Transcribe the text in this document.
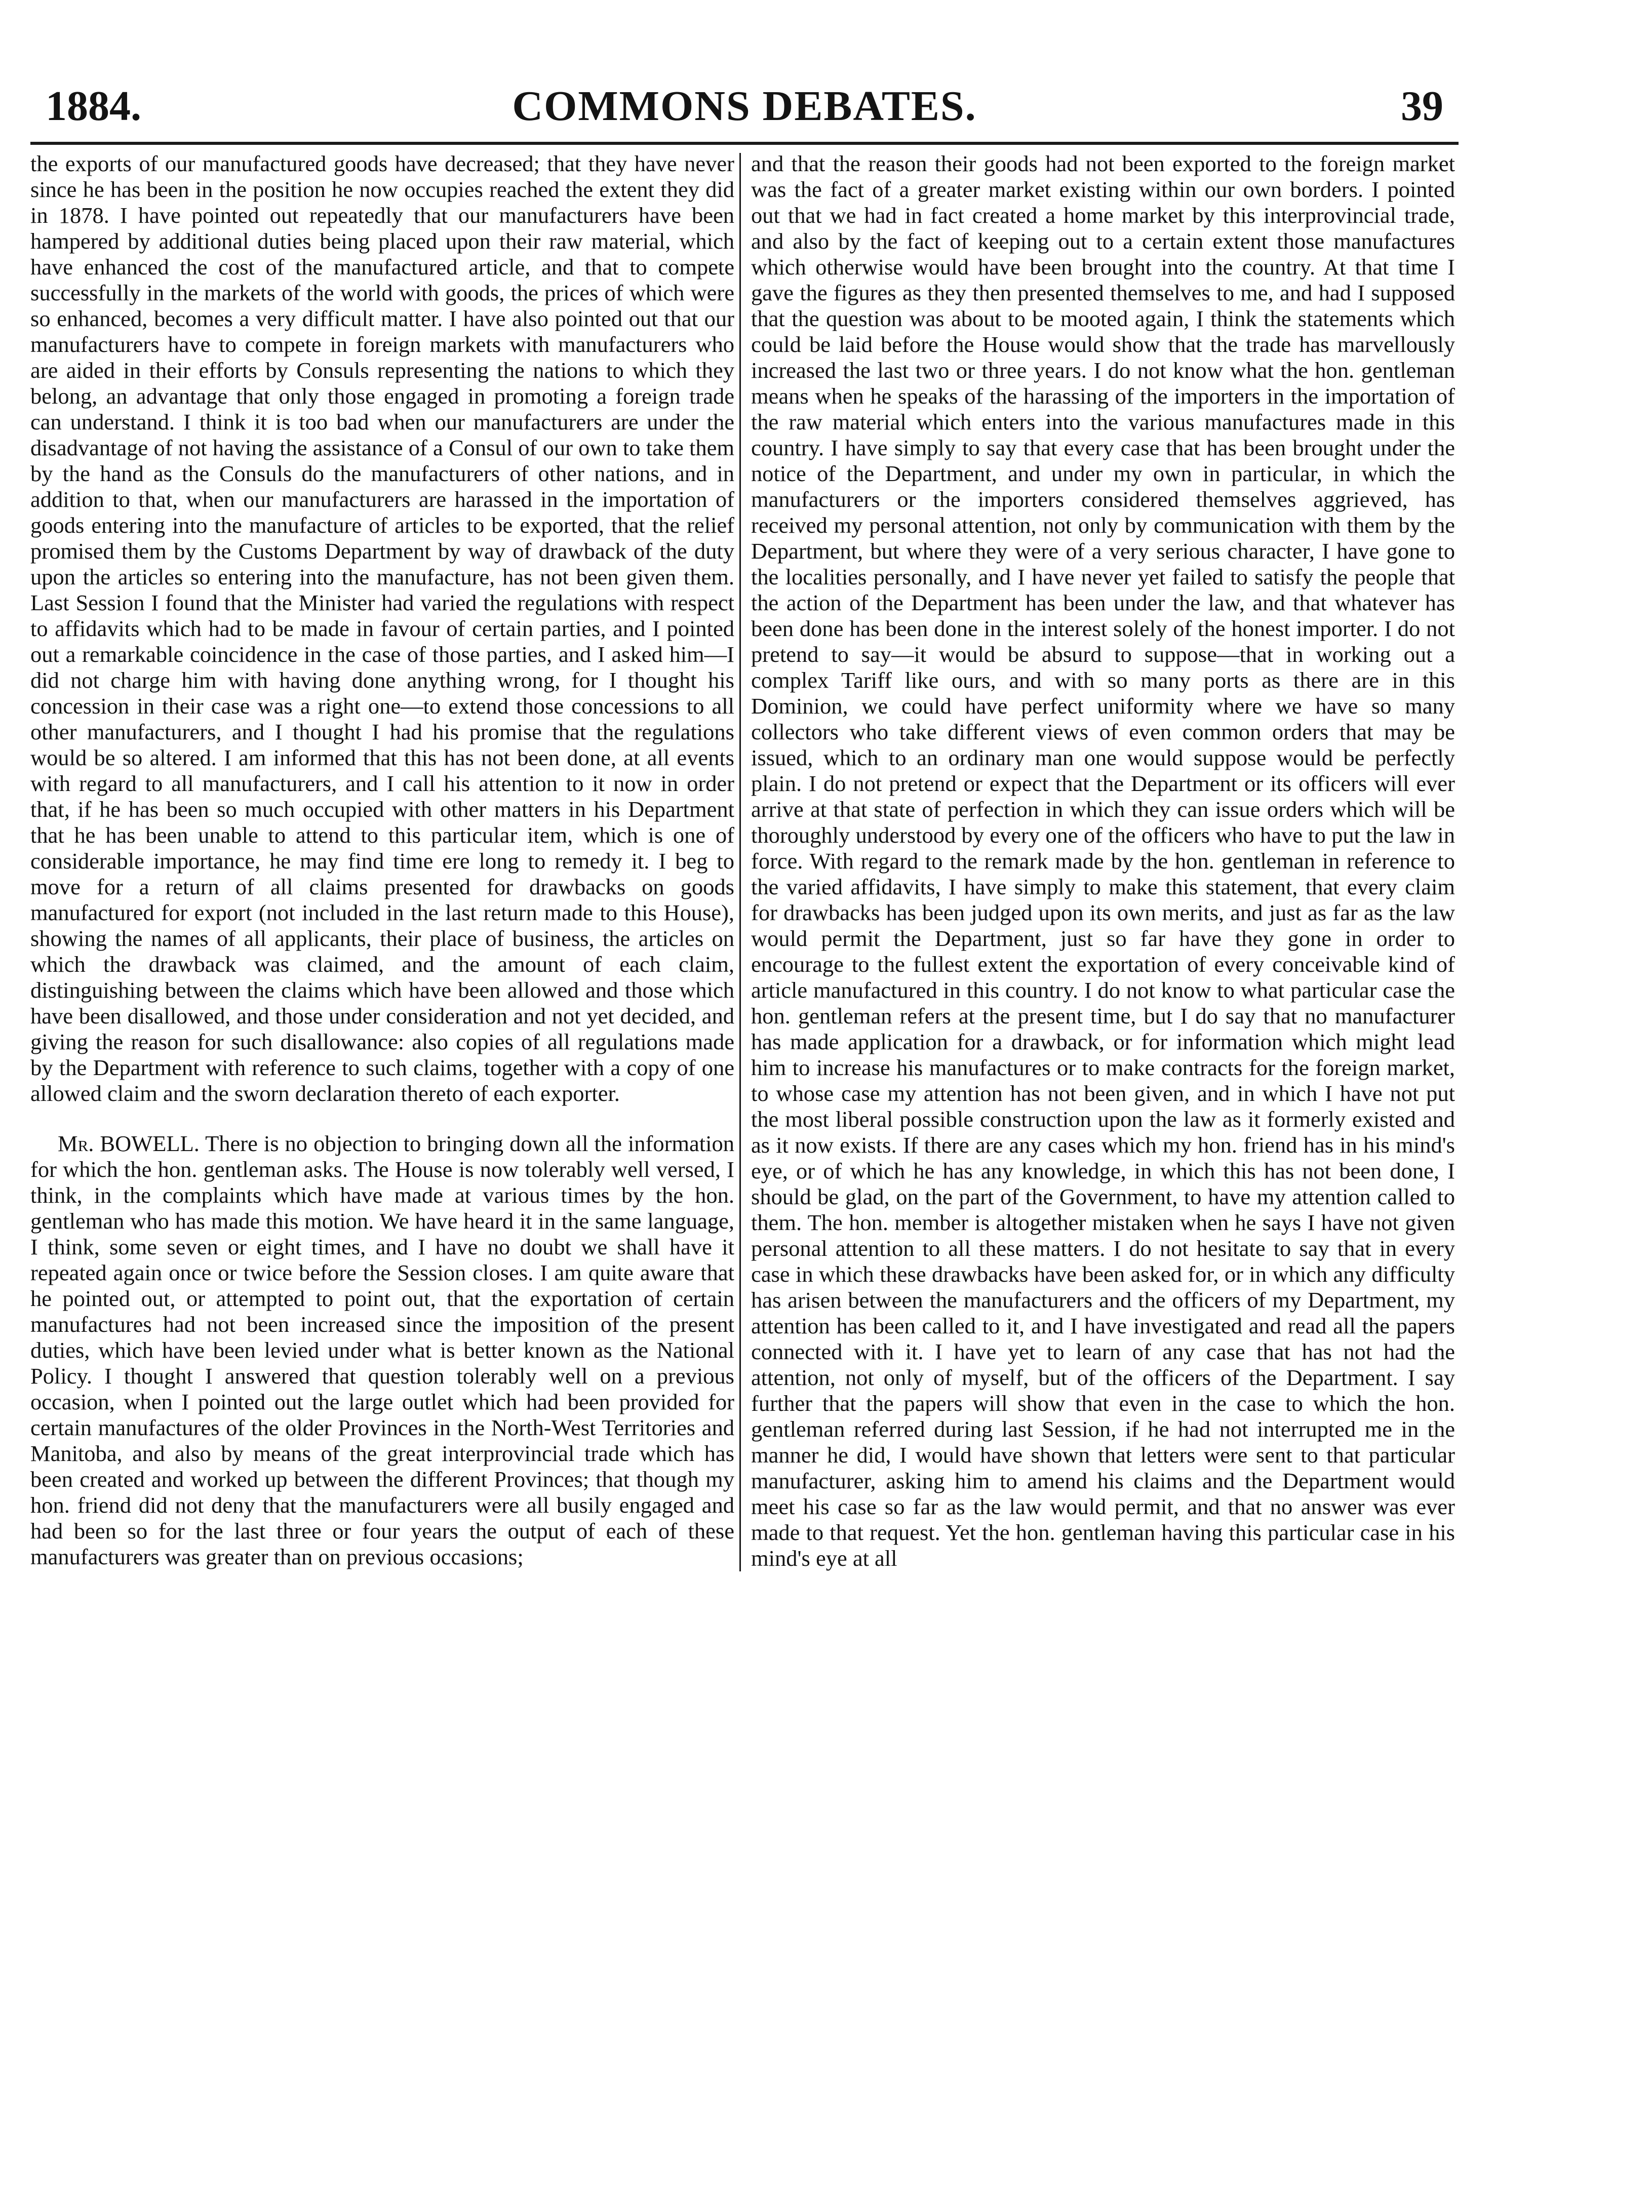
1884.	COMMONS DEBATES.	39

the exports of our manufactured goods have decreased; that they have never since he has been in the position he now occupies reached the extent they did in 1878. I have pointed out repeatedly that our manufacturers have been hampered by additional duties being placed upon their raw material, which have enhanced the cost of the manufactured article, and that to compete successfully in the markets of the world with goods, the prices of which were so enhanced, becomes a very difficult matter. I have also pointed out that our manufacturers have to compete in foreign markets with manufacturers who are aided in their efforts by Consuls representing the nations to which they belong, an advantage that only those engaged in promoting a foreign trade can understand. I think it is too bad when our manufacturers are under the disadvantage of not having the assistance of a Consul of our own to take them by the hand as the Consuls do the manufacturers of other nations, and in addition to that, when our manufacturers are harassed in the importation of goods entering into the manufacture of articles to be exported, that the relief promised them by the Customs Department by way of drawback of the duty upon the articles so entering into the manufacture, has not been given them. Last Session I found that the Minister had varied the regulations with respect to affidavits which had to be made in favour of certain parties, and I pointed out a remarkable coincidence in the case of those parties, and I asked him—I did not charge him with having done anything wrong, for I thought his concession in their case was a right one—to extend those concessions to all other manufacturers, and I thought I had his promise that the regulations would be so altered. I am informed that this has not been done, at all events with regard to all manufacturers, and I call his attention to it now in order that, if he has been so much occupied with other matters in his Department that he has been unable to attend to this particular item, which is one of considerable importance, he may find time ere long to remedy it. I beg to move for a return of all claims presented for drawbacks on goods manufactured for export (not included in the last return made to this House), showing the names of all applicants, their place of business, the articles on which the drawback was claimed, and the amount of each claim, distinguishing between the claims which have been allowed and those which have been disallowed, and those under consideration and not yet decided, and giving the reason for such disallowance: also copies of all regulations made by the Department with reference to such claims, together with a copy of one allowed claim and the sworn declaration thereto of each exporter.

Mr. BOWELL. There is no objection to bringing down all the information for which the hon. gentleman asks. The House is now tolerably well versed, I think, in the complaints which have made at various times by the hon. gentleman who has made this motion. We have heard it in the same language, I think, some seven or eight times, and I have no doubt we shall have it repeated again once or twice before the Session closes. I am quite aware that he pointed out, or attempted to point out, that the exportation of certain manufactures had not been increased since the imposition of the present duties, which have been levied under what is better known as the National Policy. I thought I answered that question tolerably well on a previous occasion, when I pointed out the large outlet which had been provided for certain manufactures of the older Provinces in the North-West Territories and Manitoba, and also by means of the great interprovincial trade which has been created and worked up between the different Provinces; that though my hon. friend did not deny that the manufacturers were all busily engaged and had been so for the last three or four years the output of each of these manufacturers was greater than on previous occasions;

and that the reason their goods had not been exported to the foreign market was the fact of a greater market existing within our own borders. I pointed out that we had in fact created a home market by this interprovincial trade, and also by the fact of keeping out to a certain extent those manufactures which otherwise would have been brought into the country. At that time I gave the figures as they then presented themselves to me, and had I supposed that the question was about to be mooted again, I think the statements which could be laid before the House would show that the trade has marvellously increased the last two or three years. I do not know what the hon. gentleman means when he speaks of the harassing of the importers in the importation of the raw material which enters into the various manufactures made in this country. I have simply to say that every case that has been brought under the notice of the Department, and under my own in particular, in which the manufacturers or the importers considered themselves aggrieved, has received my personal attention, not only by communication with them by the Department, but where they were of a very serious character, I have gone to the localities personally, and I have never yet failed to satisfy the people that the action of the Department has been under the law, and that whatever has been done has been done in the interest solely of the honest importer. I do not pretend to say—it would be absurd to suppose—that in working out a complex Tariff like ours, and with so many ports as there are in this Dominion, we could have perfect uniformity where we have so many collectors who take different views of even common orders that may be issued, which to an ordinary man one would suppose would be perfectly plain. I do not pretend or expect that the Department or its officers will ever arrive at that state of perfection in which they can issue orders which will be thoroughly understood by every one of the officers who have to put the law in force. With regard to the remark made by the hon. gentleman in reference to the varied affidavits, I have simply to make this statement, that every claim for drawbacks has been judged upon its own merits, and just as far as the law would permit the Department, just so far have they gone in order to encourage to the fullest extent the exportation of every conceivable kind of article manufactured in this country. I do not know to what particular case the hon. gentleman refers at the present time, but I do say that no manufacturer has made application for a drawback, or for information which might lead him to increase his manufactures or to make contracts for the foreign market, to whose case my attention has not been given, and in which I have not put the most liberal possible construction upon the law as it formerly existed and as it now exists. If there are any cases which my hon. friend has in his mind's eye, or of which he has any knowledge, in which this has not been done, I should be glad, on the part of the Government, to have my attention called to them. The hon. member is altogether mistaken when he says I have not given personal attention to all these matters. I do not hesitate to say that in every case in which these drawbacks have been asked for, or in which any difficulty has arisen between the manufacturers and the officers of my Department, my attention has been called to it, and I have investigated and read all the papers connected with it. I have yet to learn of any case that has not had the attention, not only of myself, but of the officers of the Department. I say further that the papers will show that even in the case to which the hon. gentleman referred during last Session, if he had not interrupted me in the manner he did, I would have shown that letters were sent to that particular manufacturer, asking him to amend his claims and the Department would meet his case so far as the law would permit, and that no answer was ever made to that request. Yet the hon. gentleman having this particular case in his mind's eye at all
